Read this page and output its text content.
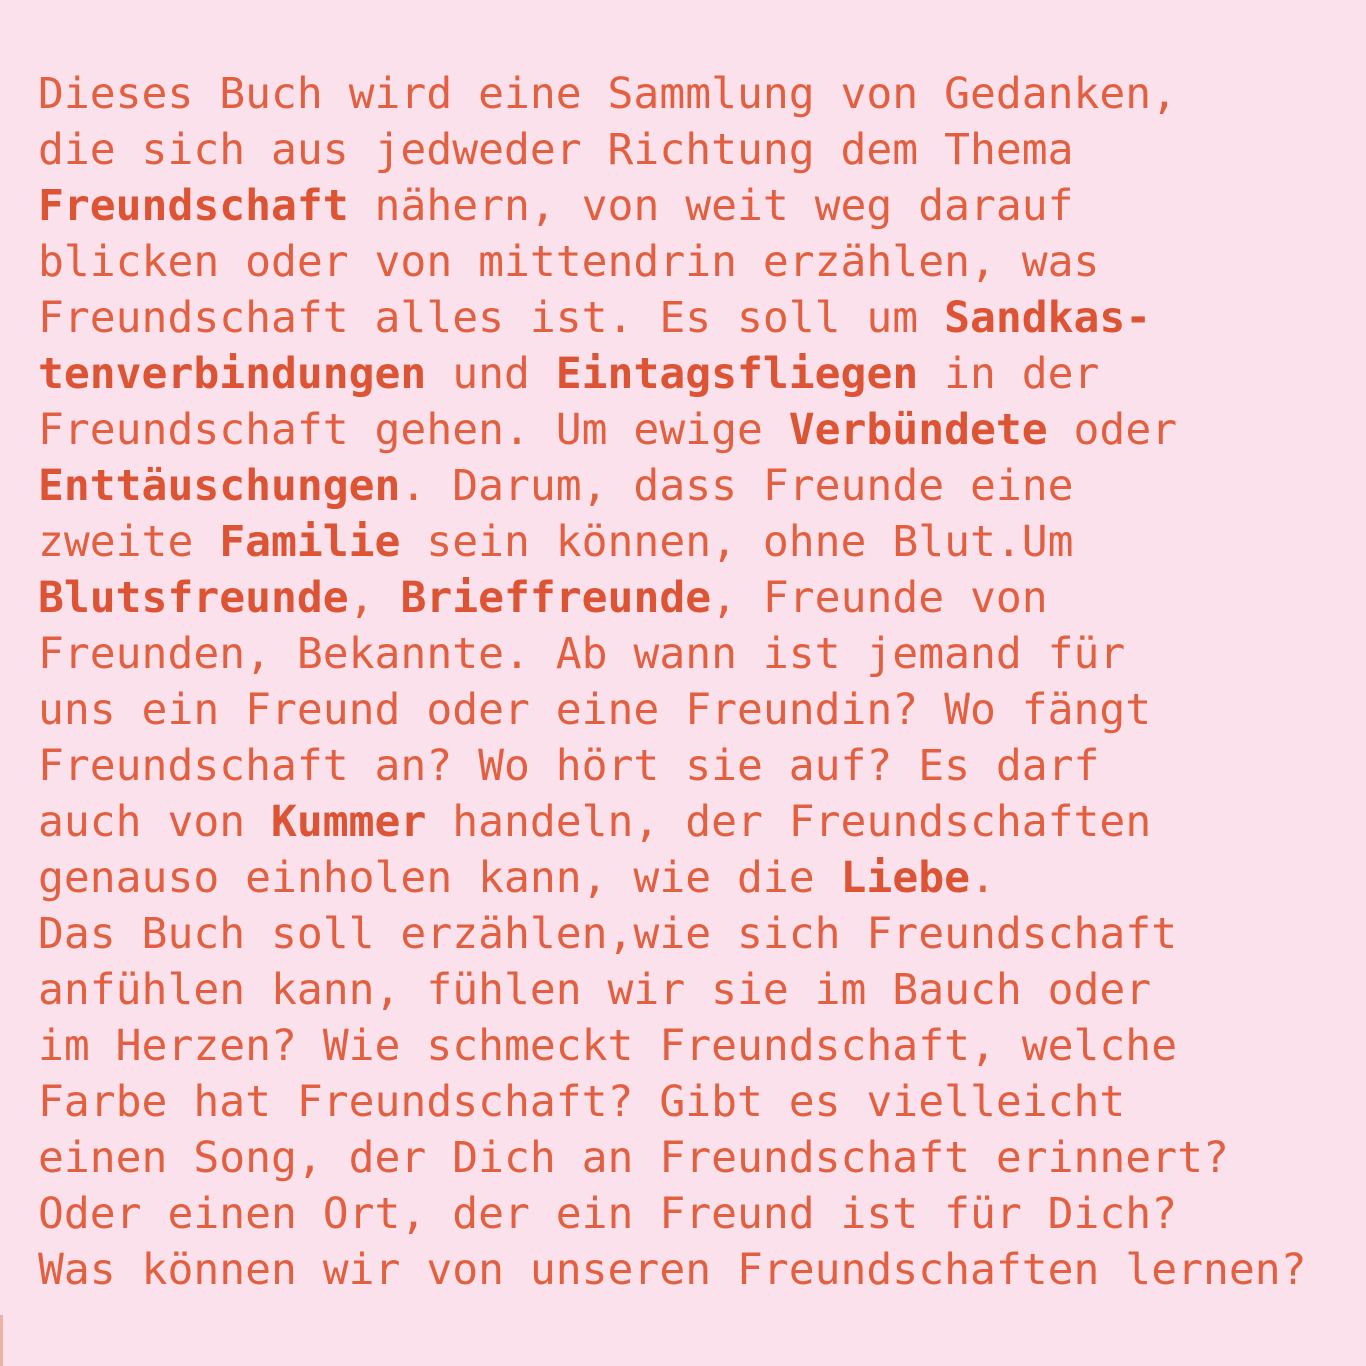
Dieses Buch wird eine Sammlung von Gedanken,
die sich aus jedweder Richtung dem Thema
Freundschaft nähern, von weit weg darauf
blicken oder von mittendrin erzählen, was
Freundschaft alles ist. Es soll um Sandkas-
tenverbindungen und Eintagsfliegen in der
Freundschaft gehen. Um ewige Verbündete oder
Enttäuschungen. Darum, dass Freunde eine
zweite Familie sein können, ohne Blut.Um
Blutsfreunde, Brieffreunde, Freunde von
Freunden, Bekannte. Ab wann ist jemand für
uns ein Freund oder eine Freundin? Wo fängt
Freundschaft an? Wo hört sie auf? Es darf
auch von Kummer handeln, der Freundschaften
genauso einholen kann, wie die Liebe.
Das Buch soll erzählen,wie sich Freundschaft
anfühlen kann, fühlen wir sie im Bauch oder
im Herzen? Wie schmeckt Freundschaft, welche
Farbe hat Freundschaft? Gibt es vielleicht
einen Song, der Dich an Freundschaft erinnert?
Oder einen Ort, der ein Freund ist für Dich?
Was können wir von unseren Freundschaften lernen?
